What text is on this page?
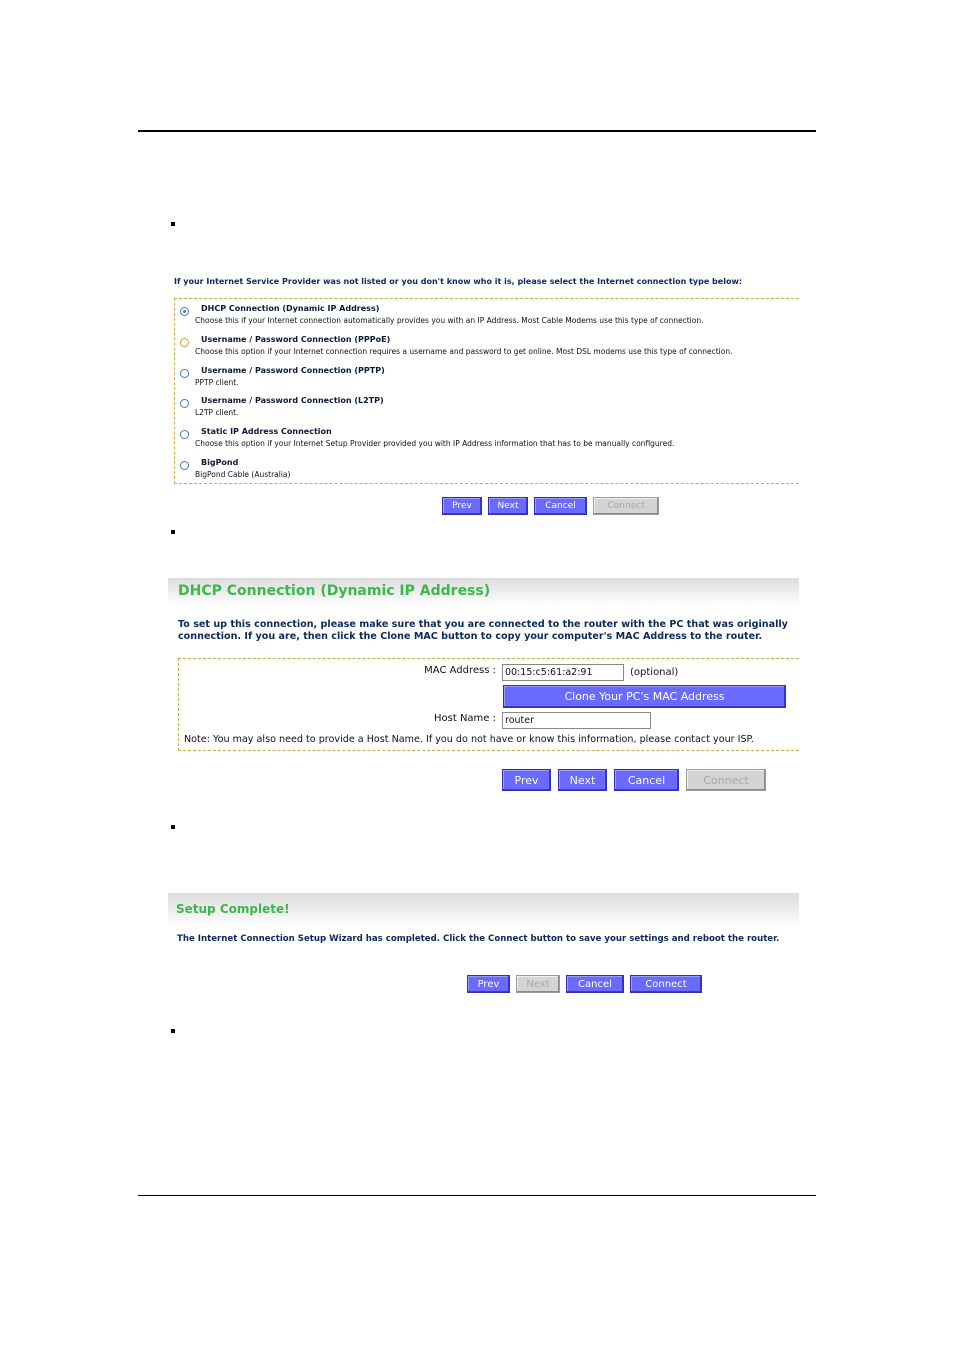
If your Internet Service Provider was not listed or you don't know who it is, please select the Internet connection type below:
DHCP Connection (Dynamic IP Address)
Choose this if your Internet connection automatically provides you with an IP Address. Most Cable Modems use this type of connection.
Username / Password Connection (PPPoE)
Choose this option if your Internet connection requires a username and password to get online. Most DSL modems use this type of connection.
Username / Password Connection (PPTP)
PPTP client.
Username / Password Connection (L2TP)
L2TP client.
Static IP Address Connection
Choose this option if your Internet Setup Provider provided you with IP Address information that has to be manually configured.
BigPond
BigPond Cable (Australia)
Prev	Next	Cancel	Connect
DHCP Connection (Dynamic IP Address)
To set up this connection, please make sure that you are connected to the router with the PC that was originally connection. If you are, then click the Clone MAC button to copy your computer's MAC Address to the router.
MAC Address :
00:15:c5:61:a2:91	(optional)
Clone Your PC's MAC Address
Host Name :
router
Note: You may also need to provide a Host Name. If you do not have or know this information, please contact your ISP.
Prev	Next	Cancel	Connect
Setup Complete!
The Internet Connection Setup Wizard has completed. Click the Connect button to save your settings and reboot the router.
Prev	Next	Cancel	Connect
